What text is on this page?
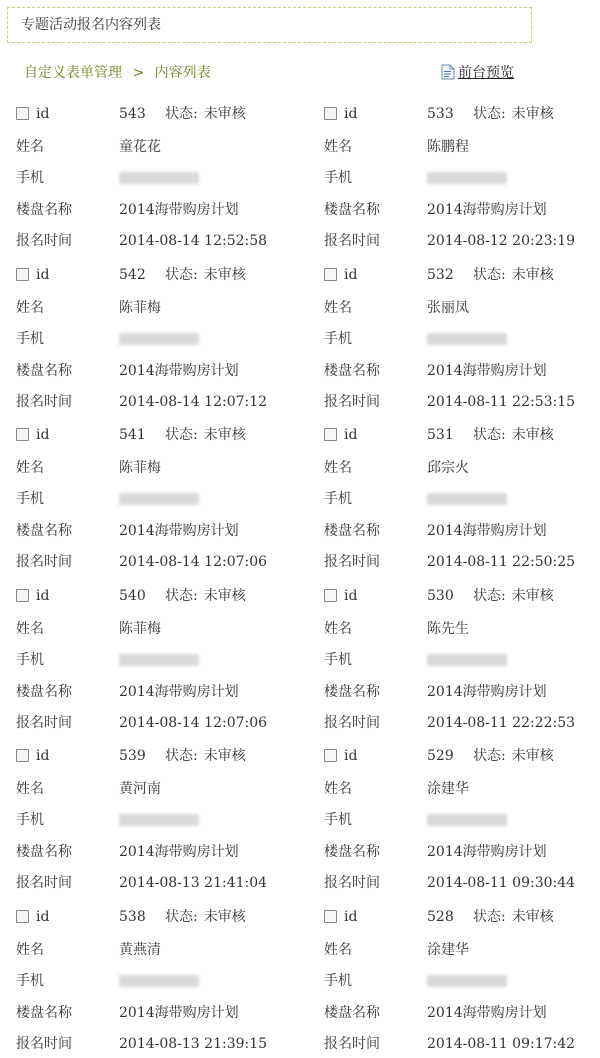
专题活动报名内容列表
自定义表单管理 > 内容列表	前台预览
id	543 状态: 未审核
姓名	童花花
手机
楼盘名称	2014海带购房计划
报名时间	2014-08-14 12:52:58
id	533 状态: 未审核
姓名	陈鹏程
手机
楼盘名称	2014海带购房计划
报名时间	2014-08-12 20:23:19
id	542 状态: 未审核
姓名	陈菲梅
手机
楼盘名称	2014海带购房计划
报名时间	2014-08-14 12:07:12
id	532 状态: 未审核
姓名	张丽凤
手机
楼盘名称	2014海带购房计划
报名时间	2014-08-11 22:53:15
id	541 状态: 未审核
姓名	陈菲梅
手机
楼盘名称	2014海带购房计划
报名时间	2014-08-14 12:07:06
id	531 状态: 未审核
姓名	邱宗火
手机
楼盘名称	2014海带购房计划
报名时间	2014-08-11 22:50:25
id	540 状态: 未审核
姓名	陈菲梅
手机
楼盘名称	2014海带购房计划
报名时间	2014-08-14 12:07:06
id	530 状态: 未审核
姓名	陈先生
手机
楼盘名称	2014海带购房计划
报名时间	2014-08-11 22:22:53
id	539 状态: 未审核
姓名	黄河南
手机
楼盘名称	2014海带购房计划
报名时间	2014-08-13 21:41:04
id	529 状态: 未审核
姓名	涂建华
手机
楼盘名称	2014海带购房计划
报名时间	2014-08-11 09:30:44
id	538 状态: 未审核
姓名	黄燕清
手机
楼盘名称	2014海带购房计划
报名时间	2014-08-13 21:39:15
id	528 状态: 未审核
姓名	涂建华
手机
楼盘名称	2014海带购房计划
报名时间	2014-08-11 09:17:42
